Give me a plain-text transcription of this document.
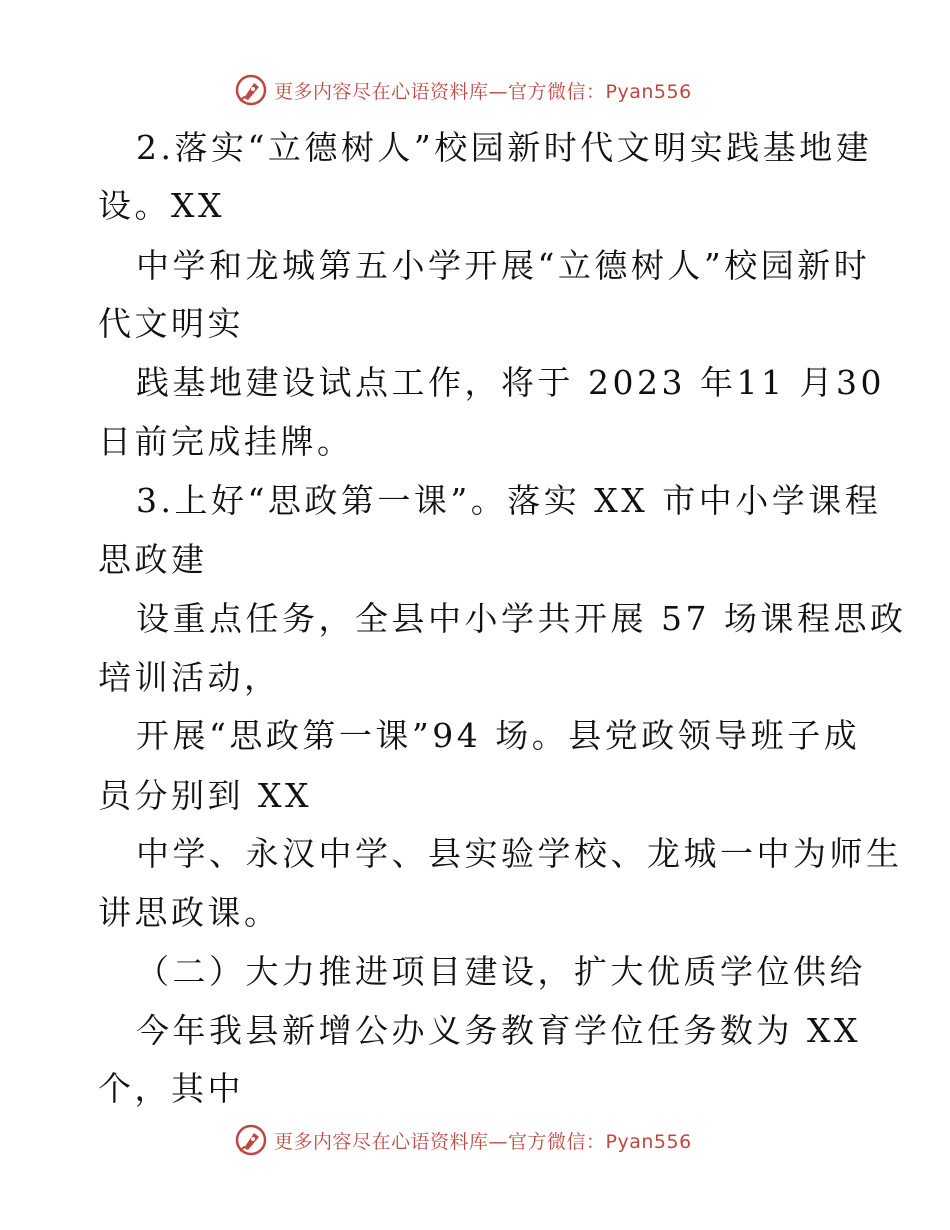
更多内容尽在心语资料库—官方微信：Pyan556
2.落实“立德树人”校园新时代文明实践基地建
设。XX
中学和龙城第五小学开展“立德树人”校园新时
代文明实
践基地建设试点工作，将于 2023 年11 月30
日前完成挂牌。
3.上好“思政第一课”。落实 XX 市中小学课程
思政建
设重点任务，全县中小学共开展 57 场课程思政
培训活动，
开展“思政第一课”94 场。县党政领导班子成
员分别到 XX
中学、永汉中学、县实验学校、龙城一中为师生
讲思政课。
（二）大力推进项目建设，扩大优质学位供给
今年我县新增公办义务教育学位任务数为 XX
个，其中
更多内容尽在心语资料库—官方微信：Pyan556
